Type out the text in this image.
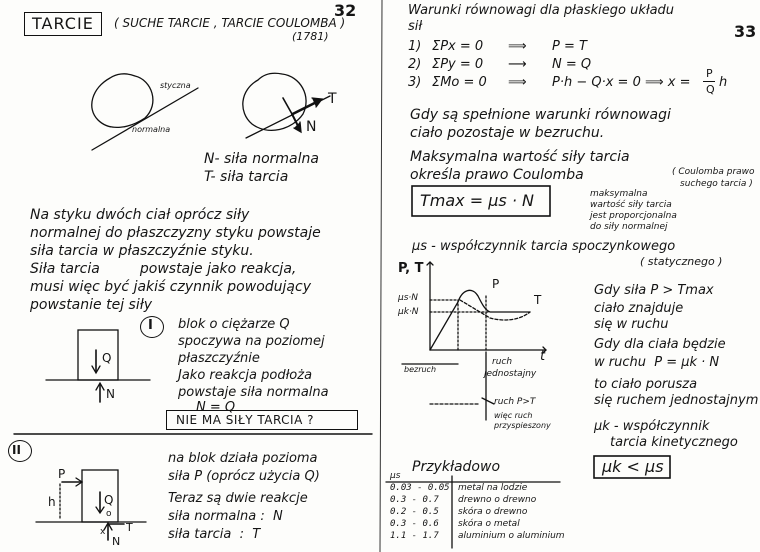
TARCIE ( SUCHE TARCIE , TARCIE COULOMBA )
(1781)
32
styczna
normalna
T
N
N- siła normalna
T- siła tarcia
Na styku dwóch ciał oprócz siły
normalnej do płaszczyzny styku powstaje
siła tarcia w płaszczyźnie styku.
Siła tarcia         powstaje jako reakcja,
musi więc być jakiś czynnik powodujący
powstanie tej siły
I blok o ciężarze Q
spoczywa na poziomej
płaszczyźnie
Jako reakcja podłoża
powstaje siła normalna
N = Q
Q
N
NIE MA SIŁY TARCIA ?
II
na blok działa pozioma
siła P (oprócz użycia Q)
Teraz są dwie reakcje
siła normalna :  N
siła tarcia  :  T
P
h	Q
o
x
N
T
33
Warunki równowagi dla płaskiego układu
sił
1) ΣPx = 0 ⟹ P = T
2) ΣPy = 0 ⟶ N = Q
3) ΣMo = 0 ⟹ P·h − Q·x = 0 ⟹ x =
P
Q h
Gdy są spełnione warunki równowagi
ciało pozostaje w bezruchu.
Maksymalna wartość siły tarcia
określa prawo Coulomba	( Coulomba prawo
suchego tarcia )
Tmax = μs · N	maksymalna
wartość siły tarcia
jest proporcjonalna
do siły normalnej
μs - współczynnik tarcia spoczynkowego
( statycznego )
P, T
t
P
T
μs·N
μk·N
bezruch
ruch
jednostajny
ruch P>T
więc ruch
przyspieszony
Gdy siła P > Tmax
ciało znajduje
się w ruchu
Gdy dla ciała będzie
w ruchu  P = μk · N
to ciało porusza
się ruchem jednostajnym
μk - współczynnik
tarcia kinetycznego
μk < μs
Przykładowo
μs
0.03 - 0.05 metal na lodzie
0.3 - 0.7 drewno o drewno
0.2 - 0.5 skóra o drewno
0.3 - 0.6 skóra o metal
1.1 - 1.7 aluminium o aluminium
